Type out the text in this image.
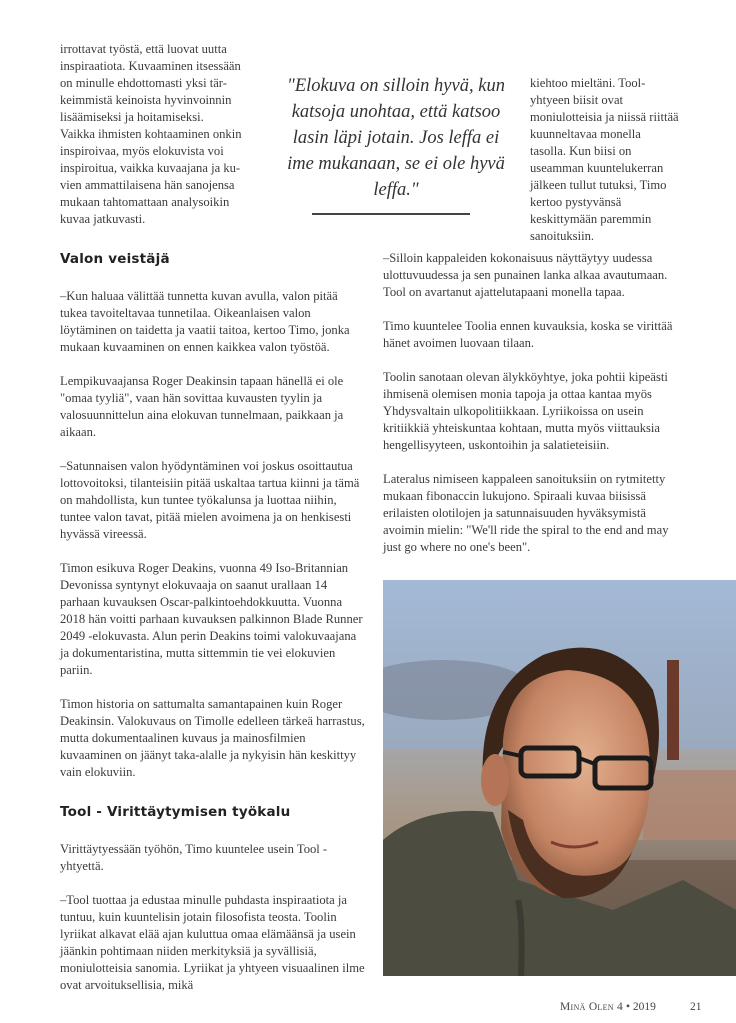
irrottavat työstä, että luovat uutta
inspiraatiota. Kuvaaminen itsessään
on minulle ehdottomasti yksi tär-
keimmistä keinoista hyvinvoinnin
lisäämiseksi ja hoitamiseksi.
Vaikka ihmisten kohtaaminen onkin
inspiroivaa, myös elokuvista voi
inspiroitua, vaikka kuvaajana ja ku-
vien ammattilaisena hän sanojensa
mukaan tahtomattaan analysoikin
kuvaa jatkuvasti.

Valon veistäjä

–Kun haluaa välittää tunnetta kuvan avulla, valon pitää tukea tavoiteltavaa tunnetilaa. Oikeanlaisen valon löytäminen on taidetta ja vaatii taitoa, kertoo Timo, jonka mukaan kuvaaminen on ennen kaikkea valon työstöä.

Lempikuvaajansa Roger Deakinsin tapaan hänellä ei ole "omaa tyyliä", vaan hän sovittaa kuvausten tyylin ja valosuunnittelun aina elokuvan tunnelmaan, paikkaan ja aikaan.

–Satunnaisen valon hyödyntäminen voi joskus osoittautua lottovoitoksi, tilanteisiin pitää uskaltaa tartua kiinni ja tämä on mahdollista, kun tuntee työkalunsa ja luottaa niihin, tuntee valon tavat, pitää mielen avoimena ja on henkisesti hyvässä vireessä.

Timon esikuva Roger Deakins, vuonna 49 Iso-Britannian Devonissa syntynyt elokuvaaja on saanut urallaan 14 parhaan kuvauksen Oscar-palkintoehdokkuutta. Vuonna 2018 hän voitti parhaan kuvauksen palkinnon Blade Runner 2049 -elokuvasta. Alun perin Deakins toimi valokuvaajana ja dokumentaristina, mutta sittemmin tie vei elokuvien pariin.

Timon historia on sattumalta samantapainen kuin Roger Deakinsin. Valokuvaus on Timolle edelleen tärkeä harrastus, mutta dokumentaalinen kuvaus ja mainosfilmien kuvaaminen on jäänyt taka-alalle ja nykyisin hän keskittyy vain elokuviin.

Tool - Virittäytymisen työkalu

Virittäytyessään työhön, Timo kuuntelee usein Tool -yhtyettä.

–Tool tuottaa ja edustaa minulle puhdasta inspiraatiota ja tuntuu, kuin kuuntelisin jotain filosofista teosta. Toolin lyriikat alkavat elää ajan kuluttua omaa elämäänsä ja usein jäänkin pohtimaan niiden merkityksiä ja syvällisiä, moniulotteisia sanomia. Lyriikat ja yhtyeen visuaalinen ilme ovat arvoituksellisia, mikä

"Elokuva on silloin hyvä, kun katsoja unohtaa, että katsoo lasin läpi jotain. Jos leffa ei ime mukanaan, se ei ole hyvä leffa."

kiehtoo mieltäni. Tool-yhtyeen biisit ovat moniulotteisia ja niissä riittää kuunneltavaa monella tasolla. Kun biisi on useamman kuuntelukerran jälkeen tullut tutuksi, Timo kertoo pystyvänsä keskittymään paremmin sanoituksiin.

–Silloin kappaleiden kokonaisuus näyttäytyy uudessa ulottuvuudessa ja sen punainen lanka alkaa avautumaan. Tool on avartanut ajattelutapaani monella tapaa.

Timo kuuntelee Toolia ennen kuvauksia, koska se virittää hänet avoimen luovaan tilaan.

Toolin sanotaan olevan älykköyhtye, joka pohtii kipeästi ihmisenä olemisen monia tapoja ja ottaa kantaa myös Yhdysvaltain ulkopolitiikkaan. Lyriikoissa on usein kritiikkiä yhteiskuntaa kohtaan, mutta myös viittauksia hengellisyyteen, uskontoihin ja salatieteisiin.

Lateralus nimiseen kappaleen sanoituksiin on rytmitetty mukaan fibonaccin lukujono. Spiraali kuvaa biisissä erilaisten olotilojen ja satunnaisuuden hyväksymistä avoimin mielin: "We'll ride the spiral to the end and may just go where no one's been".

Minä Olen 4 • 2019	21
